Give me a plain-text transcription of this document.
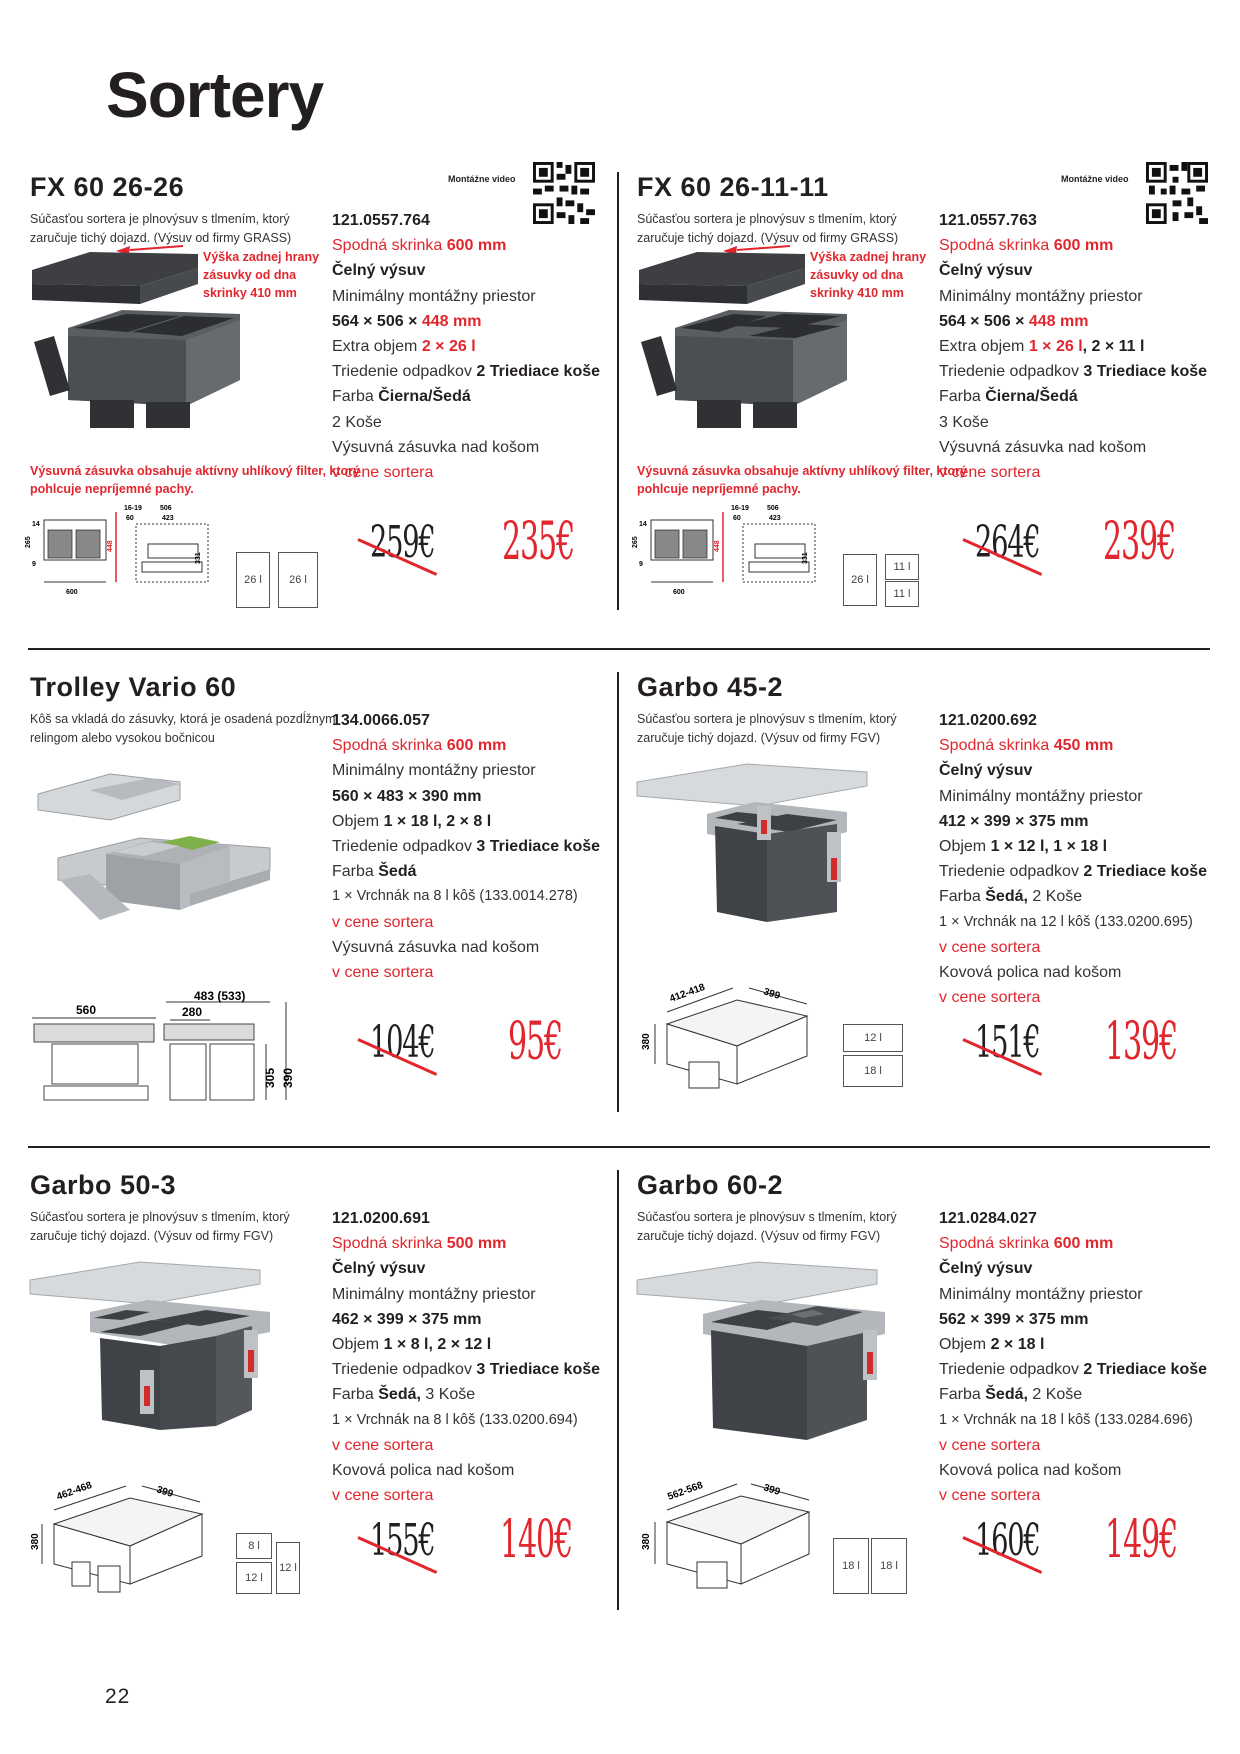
Sortery
FX 60 26-26
Súčasťou sortera je plnovýsuv s tlmením, ktorý zaručuje tichý dojazd. (Výsuv od firmy GRASS)
Montážne video
Výška zadnej hrany zásuvky od dna skrinky 410 mm
Výsuvná zásuvka obsahuje aktívny uhlíkový filter, ktorý pohlcuje nepríjemné pachy.
600
265
14
9
448
16-19
60
506
423
331
26 l 26 l
121.0557.764
Spodná skrinka 600 mm
Čelný výsuv
Minimálny montážny priestor
564 × 506 × 448 mm
Extra objem 2 × 26 l
Triedenie odpadkov 2 Triediace koše
Farba Čierna/Šedá
2 Koše
Výsuvná zásuvka nad košom
v cene sortera
259€ 235€
FX 60 26-11-11
Súčasťou sortera je plnovýsuv s tlmením, ktorý zaručuje tichý dojazd. (Výsuv od firmy GRASS)
Montážne video
Výška zadnej hrany zásuvky od dna skrinky 410 mm
Výsuvná zásuvka obsahuje aktívny uhlíkový filter, ktorý pohlcuje nepríjemné pachy.
600
265
14
9
448
16-19
60
506
423
331
26 l
11 l
11 l
121.0557.763
Spodná skrinka 600 mm
Čelný výsuv
Minimálny montážny priestor
564 × 506 × 448 mm
Extra objem 1 × 26 l, 2 × 11 l
Triedenie odpadkov 3 Triediace koše
Farba Čierna/Šedá
3 Koše
Výsuvná zásuvka nad košom
v cene sortera
264€ 239€
Trolley Vario 60
Kôš sa vkladá do zásuvky, ktorá je osadená pozdĺžnym relingom alebo vysokou bočnicou
560
483 (533)
280
305 390
134.0066.057
Spodná skrinka 600 mm
Minimálny montážny priestor
560 × 483 × 390 mm
Objem 1 × 18 l, 2 × 8 l
Triedenie odpadkov 3 Triediace koše
Farba Šedá
1 × Vrchnák na 8 l kôš (133.0014.278)
v cene sortera
Výsuvná zásuvka nad košom
v cene sortera
104€ 95€
Garbo 45-2
Súčasťou sortera je plnovýsuv s tlmením, ktorý zaručuje tichý dojazd. (Výsuv od firmy FGV)
412-418	399
380	12 l
18 l
121.0200.692
Spodná skrinka 450 mm
Čelný výsuv
Minimálny montážny priestor
412 × 399 × 375 mm
Objem 1 × 12 l, 1 × 18 l
Triedenie odpadkov 2 Triediace koše
Farba Šedá, 2 Koše
1 × Vrchnák na 12 l kôš (133.0200.695)
v cene sortera
Kovová polica nad košom
v cene sortera
151€ 139€
Garbo 50-3
Súčasťou sortera je plnovýsuv s tlmením, ktorý zaručuje tichý dojazd. (Výsuv od firmy FGV)
462-468	399
380	8 l
12 l
12 l
121.0200.691
Spodná skrinka 500 mm
Čelný výsuv
Minimálny montážny priestor
462 × 399 × 375 mm
Objem 1 × 8 l, 2 × 12 l
Triedenie odpadkov 3 Triediace koše
Farba Šedá, 3 Koše
1 × Vrchnák na 8 l kôš (133.0200.694)
v cene sortera
Kovová polica nad košom
v cene sortera
155€ 140€
Garbo 60-2
Súčasťou sortera je plnovýsuv s tlmením, ktorý zaručuje tichý dojazd. (Výsuv od firmy FGV)
562-568	399
380
18 l 18 l
121.0284.027
Spodná skrinka 600 mm
Čelný výsuv
Minimálny montážny priestor
562 × 399 × 375 mm
Objem 2 × 18 l
Triedenie odpadkov 2 Triediace koše
Farba Šedá, 2 Koše
1 × Vrchnák na 18 l kôš (133.0284.696)
v cene sortera
Kovová polica nad košom
v cene sortera
160€ 149€
22
